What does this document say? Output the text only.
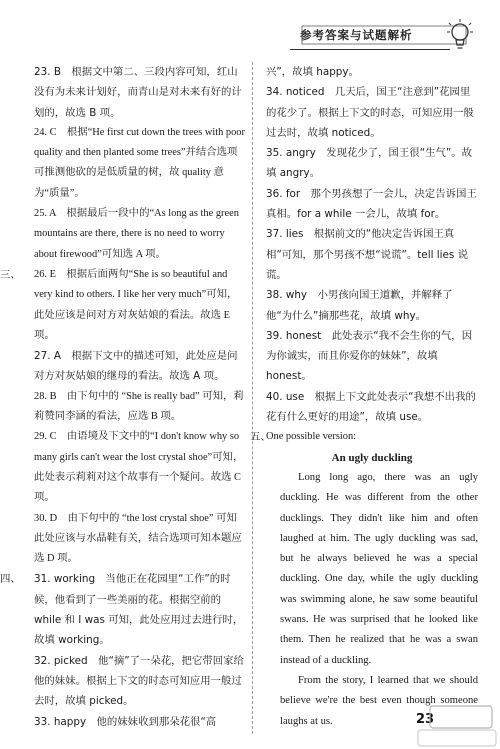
参考答案与试题解析

23. B　根据文中第二、三段内容可知，红山没有为未来计划好，而青山是对未来有好的计划的，故选 B 项。

24. C　根据“He first cut down the trees with poor quality and then planted some trees”并结合选项可推测他砍的是低质量的树，故 quality 意为“质量”。

25. A　根据最后一段中的“As long as the green mountains are there, there is no need to worry about firewood”可知选 A 项。

三、 26. E　根据后面两句“She is so beautiful and very kind to others. I like her very much”可知，此处应该是问对方对灰姑娘的看法。故选 E 项。

27. A　根据下文中的描述可知，此处应是问对方对灰姑娘的继母的看法。故选 A 项。

28. B　由下句中的 “She is really bad” 可知，莉莉赞同李涵的看法，应选 B 项。

29. C　由语境及下文中的“I don't know why so many girls can't wear the lost crystal shoe”可知，此处表示莉莉对这个故事有一个疑问。故选 C 项。

30. D　由下句中的 “the lost crystal shoe” 可知此处应该与水晶鞋有关，结合选项可知本题应选 D 项。

四、 31. working　当他正在花园里“工作”的时候，他看到了一些美丽的花。根据空前的 while 和 I was 可知，此处应用过去进行时，故填 working。

32. picked　他“摘”了一朵花，把它带回家给他的妹妹。根据上下文的时态可知应用一般过去时，故填 picked。

33. happy　他的妹妹收到那朵花很“高

兴”，故填 happy。

34. noticed　几天后，国王“注意到”花园里的花少了。根据上下文的时态，可知应用一般过去时，故填 noticed。

35. angry　发现花少了，国王很“生气”。故填 angry。

36. for　那个男孩想了一会儿，决定告诉国王真相。for a while 一会儿，故填 for。

37. lies　根据前文的“他决定告诉国王真相”可知，那个男孩不想“说谎”。tell lies 说谎。

38. why　小男孩向国王道歉，并解释了他“为什么”摘那些花，故填 why。

39. honest　此处表示“我不会生你的气，因为你诚实，而且你爱你的妹妹”，故填 honest。

40. use　根据上下文此处表示“我想不出我的花有什么更好的用途”，故填 use。

五、

One possible version:

An ugly duckling

Long long ago, there was an ugly duckling. He was different from the other ducklings. They didn't like him and often laughed at him. The ugly duckling was sad, but he always believed he was a special duckling. One day, while the ugly duckling was swimming alone, he saw some beautiful swans. He was surprised that he looked like them. Then he realized that he was a swan instead of a duckling.

From the story, I learned that we should believe we're the best even though someone laughs at us.	23
